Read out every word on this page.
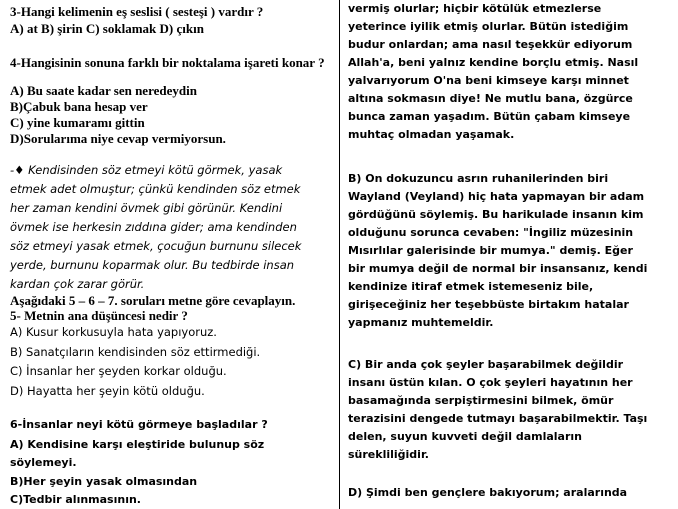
3-Hangi kelimenin eş seslisi ( sesteşi ) vardır ?
A) at B) şirin C) soklamak D) çıkın
4-Hangisinin sonuna farklı bir noktalama işareti konar ?
A) Bu saate kadar sen neredeydin
B)Çabuk bana hesap ver
C) yine kumaramı gittin
D)Sorularıma niye cevap vermiyorsun.
-♦ Kendisinden söz etmeyi kötü görmek, yasak
etmek adet olmuştur; çünkü kendinden söz etmek
her zaman kendini övmek gibi görünür. Kendini
övmek ise herkesin zıddına gider; ama kendinden
söz etmeyi yasak etmek, çocuğun burnunu silecek
yerde, burnunu koparmak olur. Bu tedbirde insan
kardan çok zarar görür.
Aşağıdaki 5 – 6 – 7. soruları metne göre cevaplayın.
5- Metnin ana düşüncesi nedir ?
A) Kusur korkusuyla hata yapıyoruz.
B) Sanatçıların kendisinden söz ettirmediği.
C) İnsanlar her şeyden korkar olduğu.
D) Hayatta her şeyin kötü olduğu.
6-İnsanlar neyi kötü görmeye başladılar ?
A) Kendisine karşı eleştiride bulunup söz
söylemeyi.
B)Her şeyin yasak olmasından
C)Tedbir alınmasının.
vermiş olurlar; hiçbir kötülük etmezlerse
yeterince iyilik etmiş olurlar. Bütün istediğim
budur onlardan; ama nasıl teşekkür ediyorum
Allah'a, beni yalnız kendine borçlu etmiş. Nasıl
yalvarıyorum O'na beni kimseye karşı minnet
altına sokmasın diye! Ne mutlu bana, özgürce
bunca zaman yaşadım. Bütün çabam kimseye
muhtaç olmadan yaşamak.
B) On dokuzuncu asrın ruhanilerinden biri
Wayland (Veyland) hiç hata yapmayan bir adam
gördüğünü söylemiş. Bu harikulade insanın kim
olduğunu sorunca cevaben: "İngiliz müzesinin
Mısırlılar galerisinde bir mumya." demiş. Eğer
bir mumya değil de normal bir insansanız, kendi
kendinize itiraf etmek istemeseniz bile,
girişeceğiniz her teşebbüste birtakım hatalar
yapmanız muhtemeldir.
C) Bir anda çok şeyler başarabilmek değildir
insanı üstün kılan. O çok şeyleri hayatının her
basamağında serpiştirmesini bilmek, ömür
terazisini dengede tutmayı başarabilmektir. Taşı
delen, suyun kuvveti değil damlaların
sürekliliğidir.
D) Şimdi ben gençlere bakıyorum; aralarında
